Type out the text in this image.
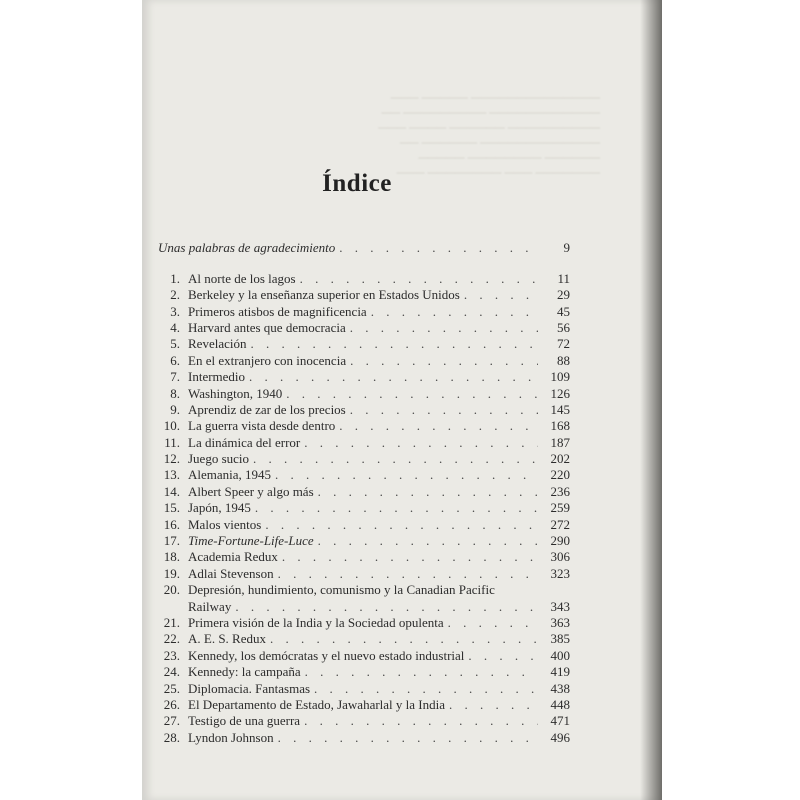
────────────── ───── ───
──────────── ───────── ──
────────── ────── ──── ───
───────────── ────── ──
────── ──────── ─────
─────── ─── ──────── ───
Índice
Unas palabras de agradecimiento . . .	9
1. Al norte de los lagos . . .	11
2. Berkeley y la enseñanza superior en Estados Unidos . . .	29
3. Primeros atisbos de magnificencia . . .	45
4. Harvard antes que democracia . . .	56
5. Revelación . . .	72
6. En el extranjero con inocencia . . .	88
7. Intermedio . . .	109
8. Washington, 1940 . . .	126
9. Aprendiz de zar de los precios . . .	145
10. La guerra vista desde dentro . . .	168
11. La dinámica del error . . .	187
12. Juego sucio . . .	202
13. Alemania, 1945 . . .	220
14. Albert Speer y algo más . . .	236
15. Japón, 1945 . . .	259
16. Malos vientos . . .	272
17. Time-Fortune-Life-Luce . . .	290
18. Academia Redux . . .	306
19. Adlai Stevenson . . .	323
20. Depresión, hundimiento, comunismo y la Canadian Pacific
Railway . . .	343
21. Primera visión de la India y la Sociedad opulenta . . .	363
22. A. E. S. Redux . . .	385
23. Kennedy, los demócratas y el nuevo estado industrial . . .	400
24. Kennedy: la campaña . . .	419
25. Diplomacia. Fantasmas . . .	438
26. El Departamento de Estado, Jawaharlal y la India . . .	448
27. Testigo de una guerra . . .	471
28. Lyndon Johnson . . .	496
